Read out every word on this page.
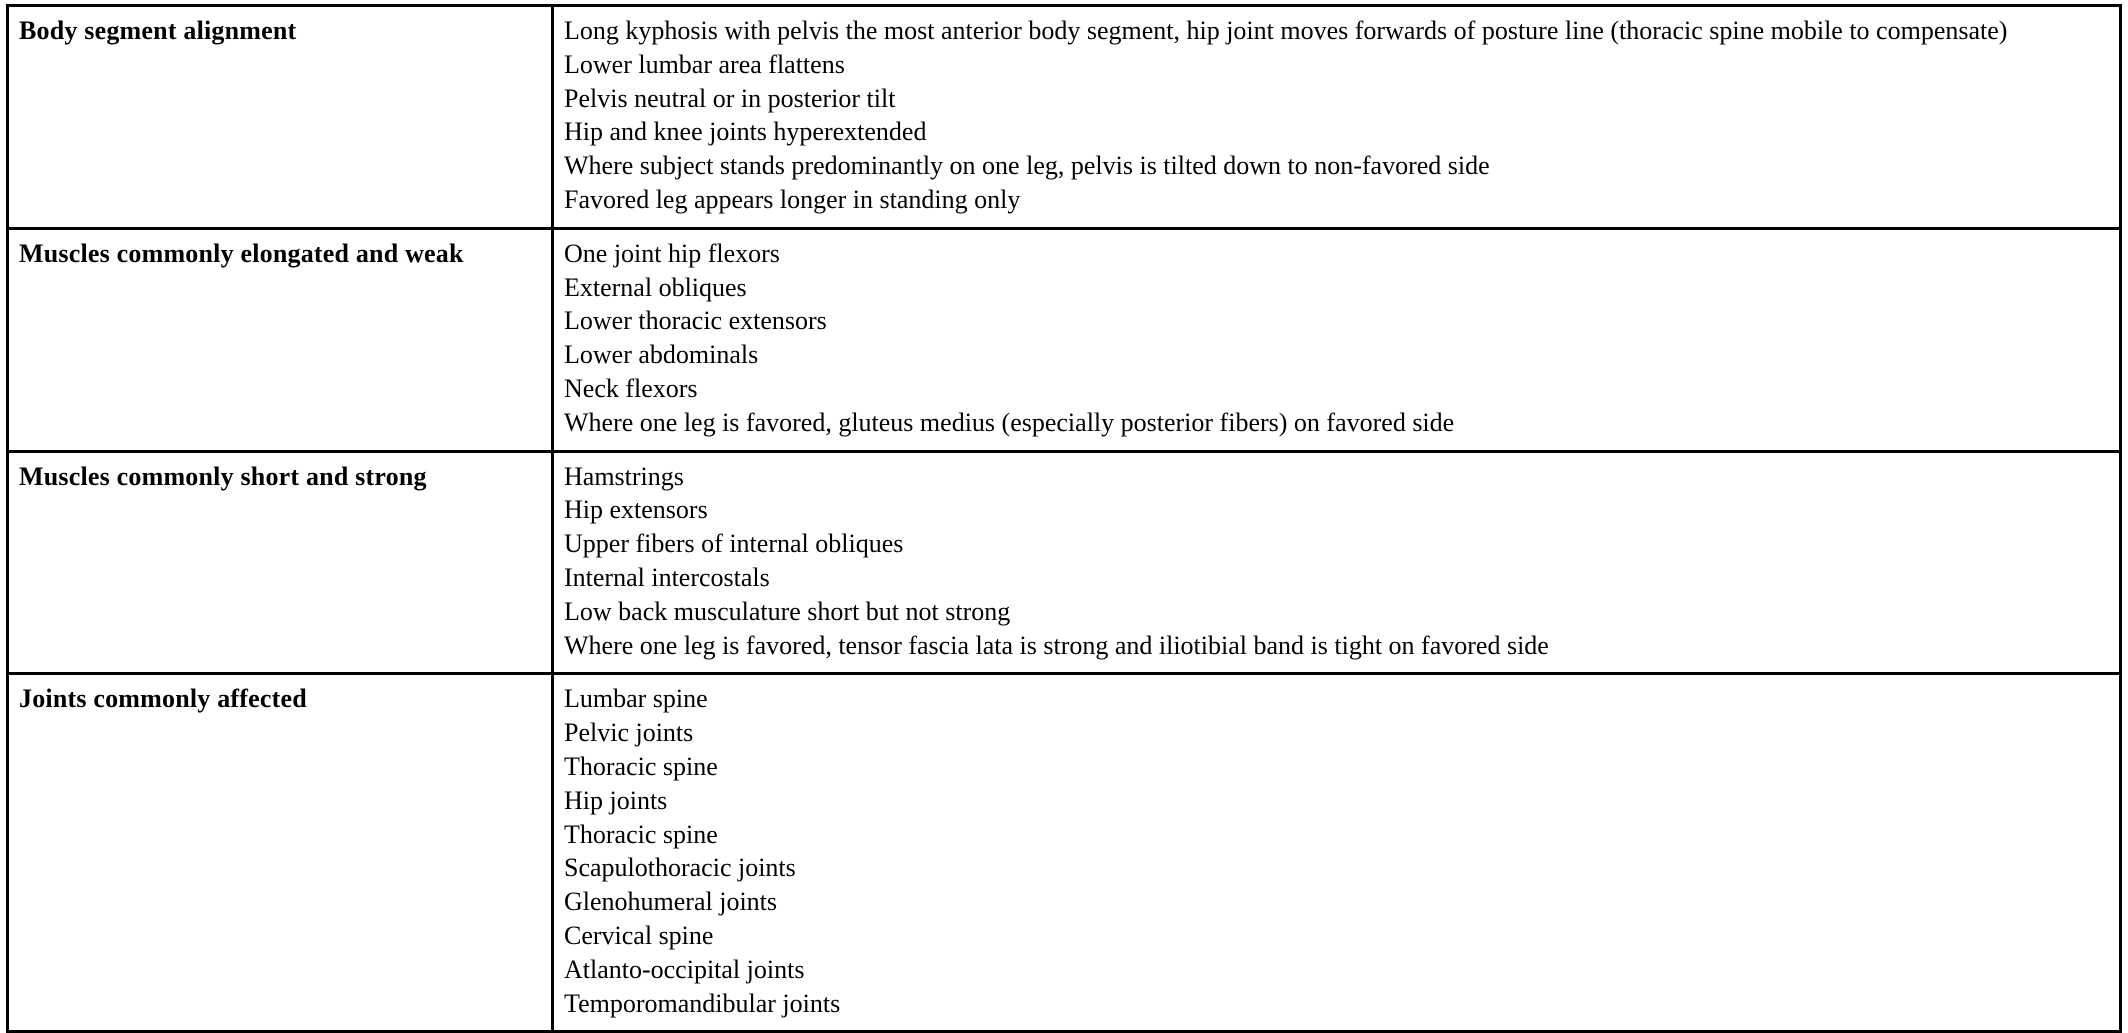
Body segment alignment	Long kyphosis with pelvis the most anterior body segment, hip joint moves forwards of posture line (thoracic spine mobile to compensate)
Lower lumbar area flattens
Pelvis neutral or in posterior tilt
Hip and knee joints hyperextended
Where subject stands predominantly on one leg, pelvis is tilted down to non-favored side
Favored leg appears longer in standing only

Muscles commonly elongated and weak	One joint hip flexors
External obliques
Lower thoracic extensors
Lower abdominals
Neck flexors
Where one leg is favored, gluteus medius (especially posterior fibers) on favored side

Muscles commonly short and strong	Hamstrings
Hip extensors
Upper fibers of internal obliques
Internal intercostals
Low back musculature short but not strong
Where one leg is favored, tensor fascia lata is strong and iliotibial band is tight on favored side

Joints commonly affected	Lumbar spine
Pelvic joints
Thoracic spine
Hip joints
Thoracic spine
Scapulothoracic joints
Glenohumeral joints
Cervical spine
Atlanto-occipital joints
Temporomandibular joints
